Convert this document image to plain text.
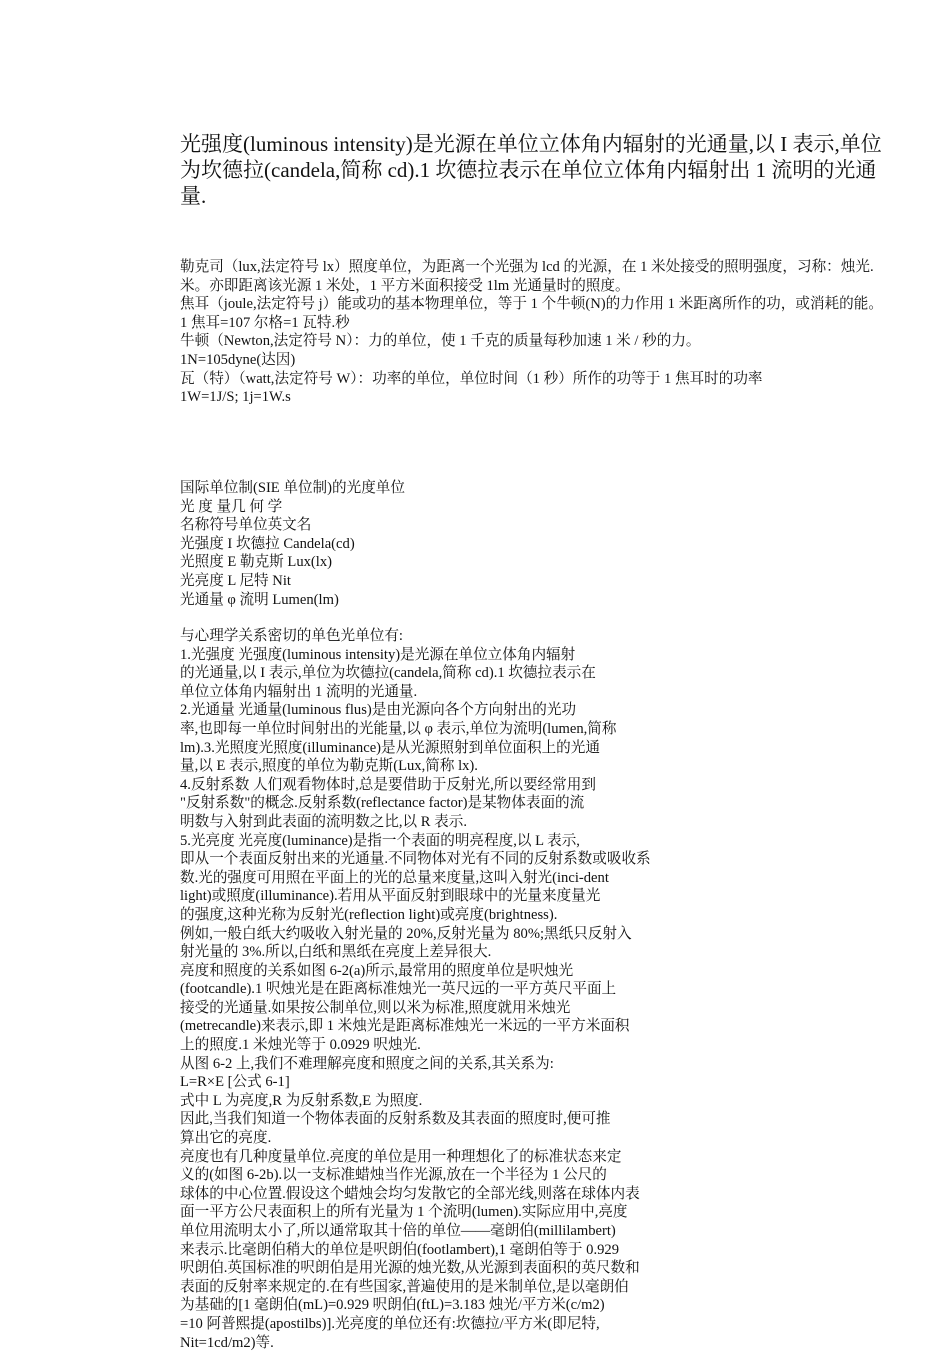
光强度(luminous intensity)是光源在单位立体角内辐射的光通量,以 I 表示,单位为坎德拉(candela,简称 cd).1 坎德拉表示在单位立体角内辐射出 1 流明的光通量.

勒克司（lux,法定符号 lx）照度单位，为距离一个光强为 lcd 的光源，在 1 米处接受的照明强度，习称：烛光.米。亦即距离该光源 1 米处，1 平方米面积接受 1lm 光通量时的照度。

焦耳（joule,法定符号 j）能或功的基本物理单位，等于 1 个牛顿(N)的力作用 1 米距离所作的功，或消耗的能。

1 焦耳=107 尔格=1 瓦特.秒

牛顿（Newton,法定符号 N）：力的单位，使 1 千克的质量每秒加速 1 米 / 秒的力。

1N=105dyne(达因)

瓦（特）（watt,法定符号 W）：功率的单位，单位时间（1 秒）所作的功等于 1 焦耳时的功率

1W=1J/S; 1j=1W.s

国际单位制(SIE 单位制)的光度单位

光 度 量几 何 学

名称符号单位英文名

光强度 I 坎德拉 Candela(cd)

光照度 E 勒克斯 Lux(lx)

光亮度 L 尼特 Nit

光通量 φ 流明 Lumen(lm)

与心理学关系密切的单色光单位有:

1.光强度 光强度(luminous intensity)是光源在单位立体角内辐射

的光通量,以 I 表示,单位为坎德拉(candela,简称 cd).1 坎德拉表示在

单位立体角内辐射出 1 流明的光通量.

2.光通量 光通量(luminous flus)是由光源向各个方向射出的光功

率,也即每一单位时间射出的光能量,以 φ 表示,单位为流明(lumen,简称

lm).3.光照度光照度(illuminance)是从光源照射到单位面积上的光通

量,以 E 表示,照度的单位为勒克斯(Lux,简称 lx).

4.反射系数 人们观看物体时,总是要借助于反射光,所以要经常用到

"反射系数"的概念.反射系数(reflectance factor)是某物体表面的流

明数与入射到此表面的流明数之比,以 R 表示.

5.光亮度 光亮度(luminance)是指一个表面的明亮程度,以 L 表示,

即从一个表面反射出来的光通量.不同物体对光有不同的反射系数或吸收系

数.光的强度可用照在平面上的光的总量来度量,这叫入射光(inci-dent

light)或照度(illuminance).若用从平面反射到眼球中的光量来度量光

的强度,这种光称为反射光(reflection light)或亮度(brightness).

例如,一般白纸大约吸收入射光量的 20%,反射光量为 80%;黑纸只反射入

射光量的 3%.所以,白纸和黑纸在亮度上差异很大.

亮度和照度的关系如图 6-2(a)所示,最常用的照度单位是呎烛光

(footcandle).1 呎烛光是在距离标准烛光一英尺远的一平方英尺平面上

接受的光通量.如果按公制单位,则以米为标准,照度就用米烛光

(metrecandle)来表示,即 1 米烛光是距离标准烛光一米远的一平方米面积

上的照度.1 米烛光等于 0.0929 呎烛光.

从图 6-2 上,我们不难理解亮度和照度之间的关系,其关系为:

L=R×E [公式 6-1]

式中 L 为亮度,R 为反射系数,E 为照度.

因此,当我们知道一个物体表面的反射系数及其表面的照度时,便可推

算出它的亮度.

亮度也有几种度量单位.亮度的单位是用一种理想化了的标准状态来定

义的(如图 6-2b).以一支标准蜡烛当作光源,放在一个半径为 1 公尺的

球体的中心位置.假设这个蜡烛会均匀发散它的全部光线,则落在球体内表

面一平方公尺表面积上的所有光量为 1 个流明(lumen).实际应用中,亮度

单位用流明太小了,所以通常取其十倍的单位——毫朗伯(millilambert)

来表示.比毫朗伯稍大的单位是呎朗伯(footlambert),1 毫朗伯等于 0.929

呎朗伯.英国标准的呎朗伯是用光源的烛光数,从光源到表面积的英尺数和

表面的反射率来规定的.在有些国家,普遍使用的是米制单位,是以毫朗伯

为基础的[1 毫朗伯(mL)=0.929 呎朗伯(ftL)=3.183 烛光/平方米(c/m2)

=10 阿普熙提(apostilbs)].光亮度的单位还有:坎德拉/平方米(即尼特,

Nit=1cd/m2)等.
